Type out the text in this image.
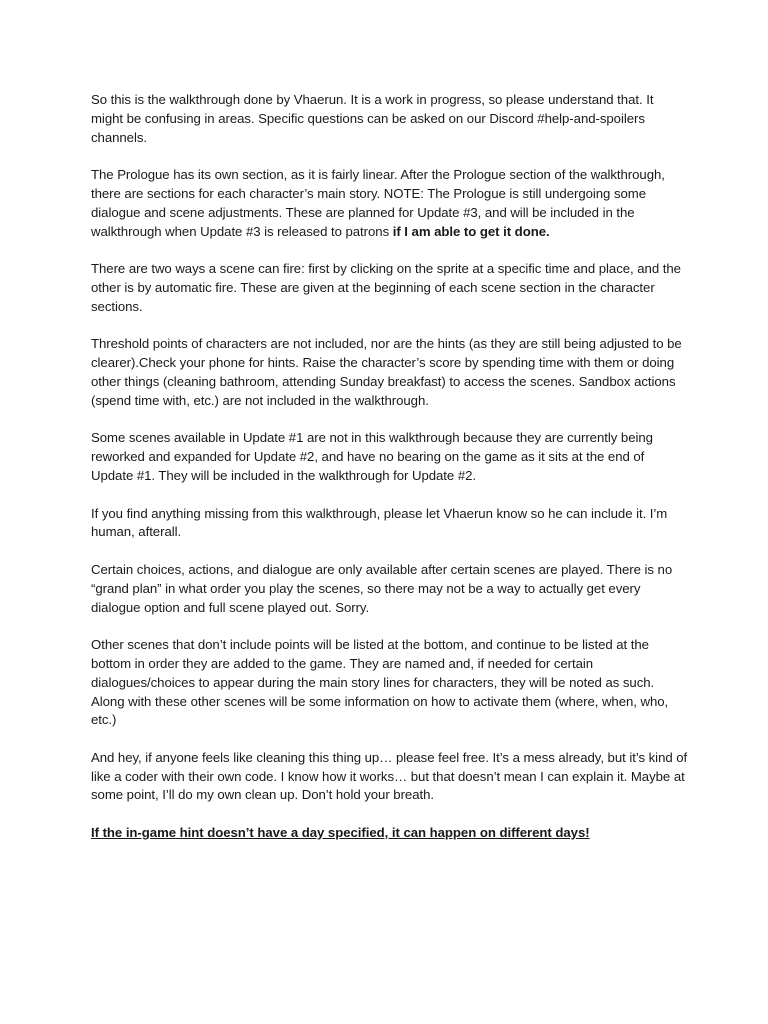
So this is the walkthrough done by Vhaerun. It is a work in progress, so please understand that. It might be confusing in areas. Specific questions can be asked on our Discord #help-and-spoilers channels.

The Prologue has its own section, as it is fairly linear. After the Prologue section of the walkthrough, there are sections for each character’s main story. NOTE: The Prologue is still undergoing some dialogue and scene adjustments. These are planned for Update #3, and will be included in the walkthrough when Update #3 is released to patrons if I am able to get it done.

There are two ways a scene can fire: first by clicking on the sprite at a specific time and place, and the other is by automatic fire. These are given at the beginning of each scene section in the character sections.

Threshold points of characters are not included, nor are the hints (as they are still being adjusted to be clearer).Check your phone for hints. Raise the character’s score by spending time with them or doing other things (cleaning bathroom, attending Sunday breakfast) to access the scenes. Sandbox actions (spend time with, etc.) are not included in the walkthrough.

Some scenes available in Update #1 are not in this walkthrough because they are currently being reworked and expanded for Update #2, and have no bearing on the game as it sits at the end of Update #1. They will be included in the walkthrough for Update #2.

If you find anything missing from this walkthrough, please let Vhaerun know so he can include it. I’m human, afterall.

Certain choices, actions, and dialogue are only available after certain scenes are played. There is no “grand plan” in what order you play the scenes, so there may not be a way to actually get every dialogue option and full scene played out. Sorry.

Other scenes that don’t include points will be listed at the bottom, and continue to be listed at the bottom in order they are added to the game. They are named and, if needed for certain dialogues/choices to appear during the main story lines for characters, they will be noted as such. Along with these other scenes will be some information on how to activate them (where, when, who, etc.)

And hey, if anyone feels like cleaning this thing up… please feel free. It’s a mess already, but it’s kind of like a coder with their own code. I know how it works… but that doesn’t mean I can explain it. Maybe at some point, I’ll do my own clean up. Don’t hold your breath.

If the in-game hint doesn’t have a day specified, it can happen on different days!
